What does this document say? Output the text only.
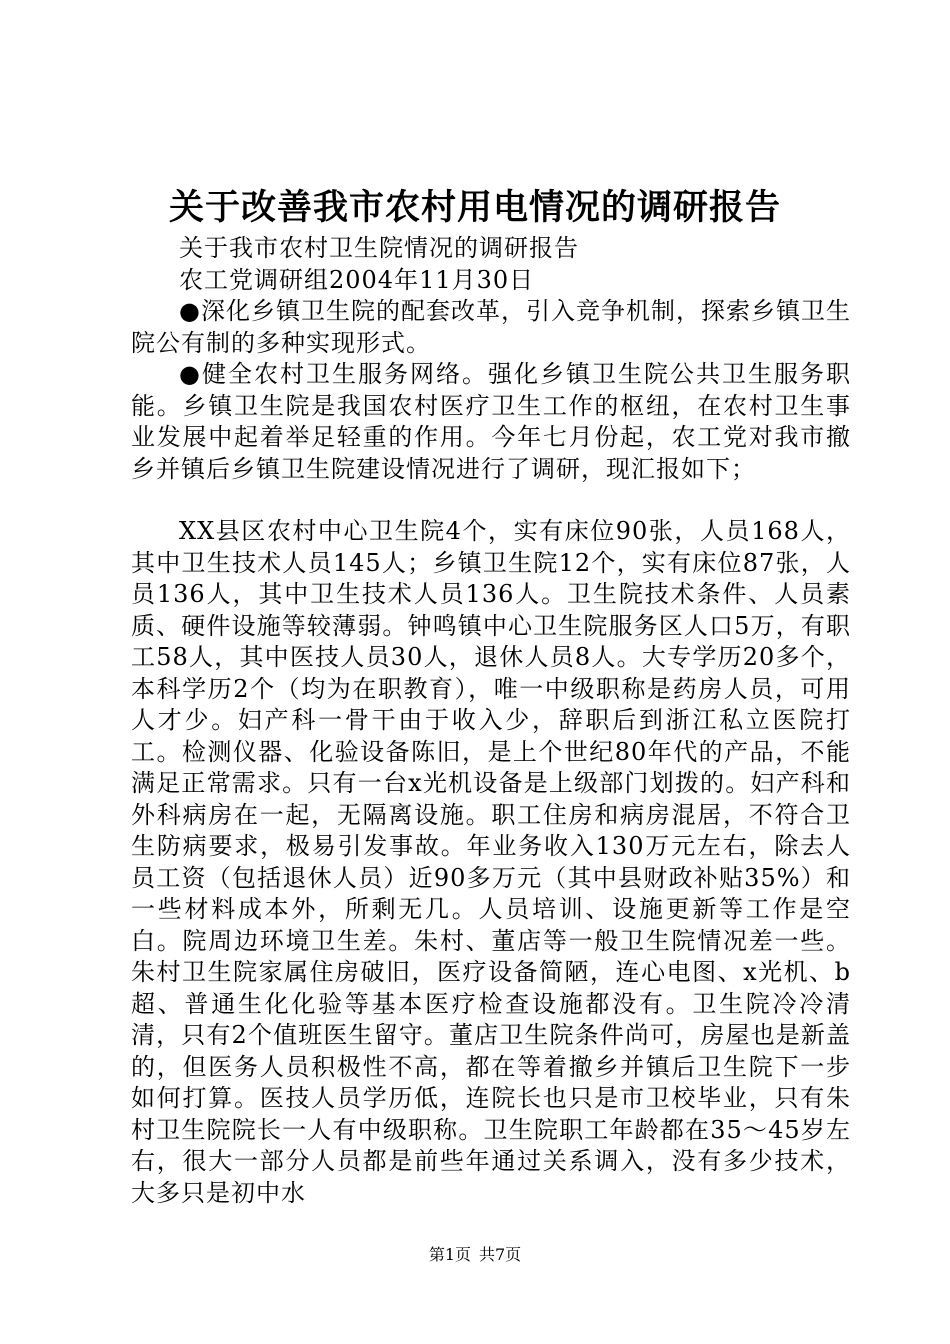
关于改善我市农村用电情况的调研报告

关于我市农村卫生院情况的调研报告

农工党调研组2004年11月30日

●深化乡镇卫生院的配套改革，引入竞争机制，探索乡镇卫生院公有制的多种实现形式。

●健全农村卫生服务网络。强化乡镇卫生院公共卫生服务职能。乡镇卫生院是我国农村医疗卫生工作的枢纽，在农村卫生事业发展中起着举足轻重的作用。今年七月份起，农工党对我市撤乡并镇后乡镇卫生院建设情况进行了调研，现汇报如下；

XX县区农村中心卫生院4个，实有床位90张，人员168人，其中卫生技术人员145人；乡镇卫生院12个，实有床位87张，人员136人，其中卫生技术人员136人。卫生院技术条件、人员素质、硬件设施等较薄弱。钟鸣镇中心卫生院服务区人口5万，有职工58人，其中医技人员30人，退休人员8人。大专学历20多个，本科学历2个（均为在职教育），唯一中级职称是药房人员，可用人才少。妇产科一骨干由于收入少，辞职后到浙江私立医院打工。检测仪器、化验设备陈旧，是上个世纪80年代的产品，不能满足正常需求。只有一台x光机设备是上级部门划拨的。妇产科和外科病房在一起，无隔离设施。职工住房和病房混居，不符合卫生防病要求，极易引发事故。年业务收入130万元左右，除去人员工资（包括退休人员）近90多万元（其中县财政补贴35%）和一些材料成本外，所剩无几。人员培训、设施更新等工作是空白。院周边环境卫生差。朱村、董店等一般卫生院情况差一些。朱村卫生院家属住房破旧，医疗设备简陋，连心电图、x光机、b超、普通生化化验等基本医疗检查设施都没有。卫生院冷冷清清，只有2个值班医生留守。董店卫生院条件尚可，房屋也是新盖的，但医务人员积极性不高，都在等着撤乡并镇后卫生院下一步如何打算。医技人员学历低，连院长也只是市卫校毕业，只有朱村卫生院院长一人有中级职称。卫生院职工年龄都在35～45岁左右，很大一部分人员都是前些年通过关系调入，没有多少技术，大多只是初中水

第1页 共7页
